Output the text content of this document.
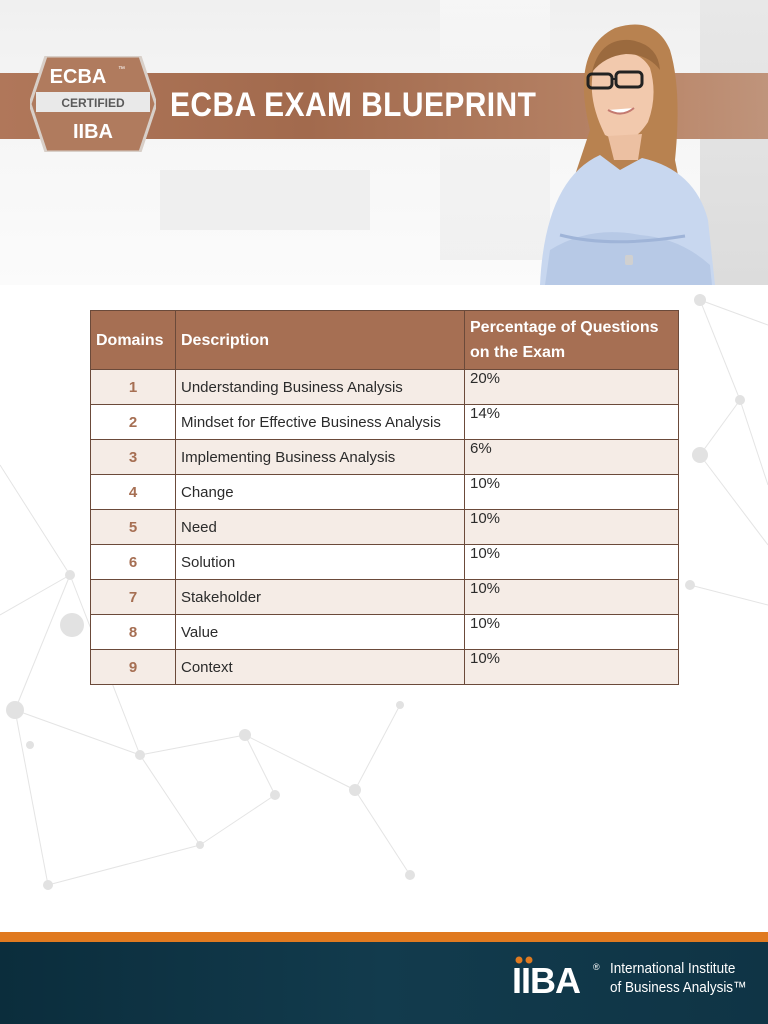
ECBA EXAM BLUEPRINT
ECBA ™
CERTIFIED
IIBA
Domains	Description	Percentage of Questions on the Exam
1	Understanding Business Analysis	20%
2	Mindset for Effective Business Analysis	14%
3	Implementing Business Analysis	6%
4	Change	10%
5	Need	10%
6	Solution	10%
7	Stakeholder	10%
8	Value	10%
9	Context	10%
IIBA ® International Institute
of Business Analysis™
